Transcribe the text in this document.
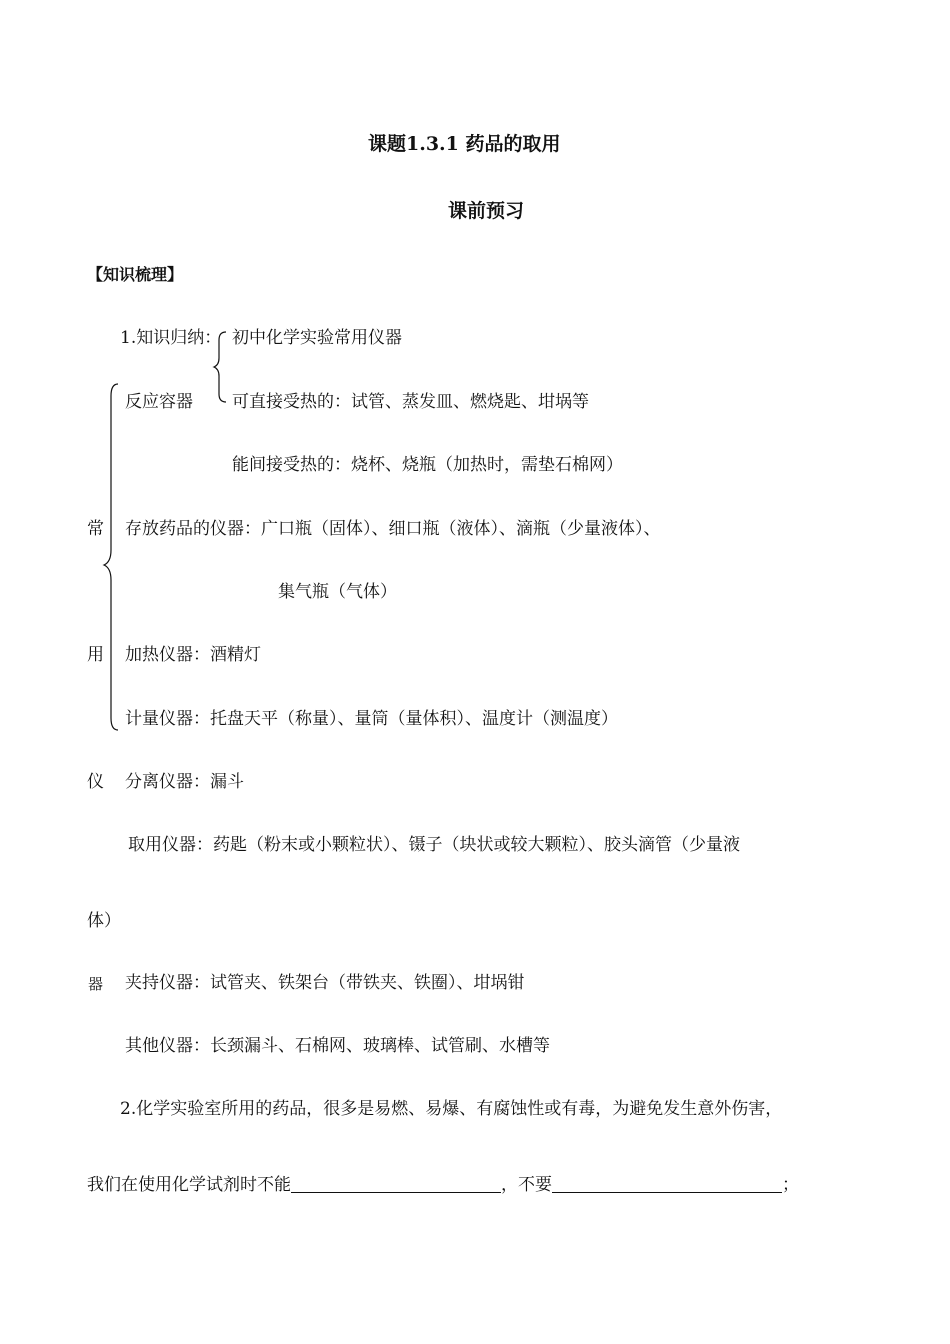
课题1.3.1 药品的取用
课前预习
【知识梳理】
1.知识归纳： 初中化学实验常用仪器
常
用
仪
器
反应容器 可直接受热的：试管、蒸发皿、燃烧匙、坩埚等
能间接受热的：烧杯、烧瓶（加热时，需垫石棉网）
存放药品的仪器：广口瓶（固体）、细口瓶（液体）、滴瓶（少量液体）、
集气瓶（气体）
加热仪器：酒精灯
计量仪器：托盘天平（称量）、量筒（量体积）、温度计（测温度）
分离仪器：漏斗
取用仪器：药匙（粉末或小颗粒状）、镊子（块状或较大颗粒）、胶头滴管（少量液
体）
夹持仪器：试管夹、铁架台（带铁夹、铁圈）、坩埚钳
其他仪器：长颈漏斗、石棉网、玻璃棒、试管刷、水槽等
2.化学实验室所用的药品，很多是易燃、易爆、有腐蚀性或有毒，为避免发生意外伤害，
我们在使用化学试剂时不能	，不要	；
